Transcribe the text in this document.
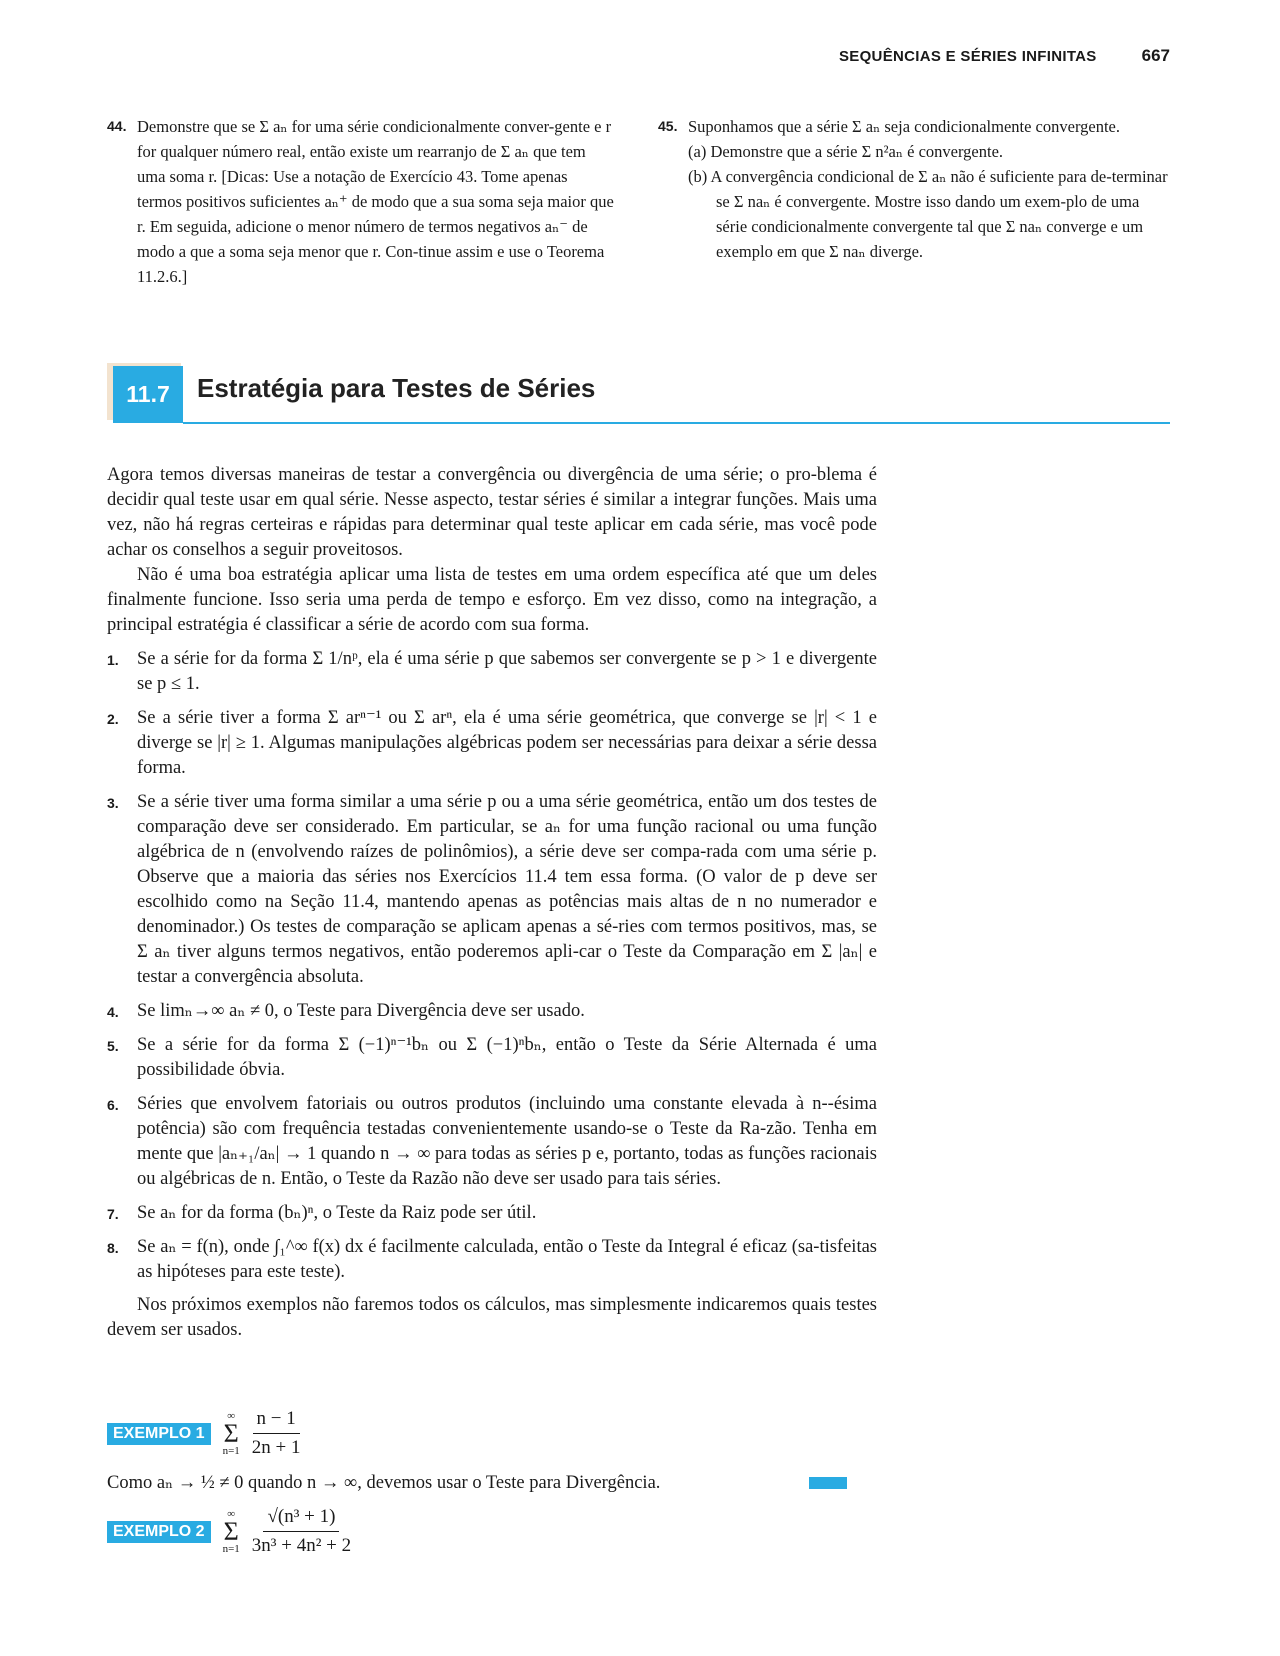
SEQUÊNCIAS E SÉRIES INFINITAS	667
44. Demonstre que se Σ aₙ for uma série condicionalmente conver-gente e r for qualquer número real, então existe um rearranjo de Σ aₙ que tem uma soma r. [Dicas: Use a notação de Exercício 43. Tome apenas termos positivos suficientes aₙ⁺ de modo que a sua soma seja maior que r. Em seguida, adicione o menor número de termos negativos aₙ⁻ de modo a que a soma seja menor que r. Con-tinue assim e use o Teorema 11.2.6.]
45. Suponhamos que a série Σ aₙ seja condicionalmente convergente.
(a) Demonstre que a série Σ n²aₙ é convergente.
(b) A convergência condicional de Σ aₙ não é suficiente para de-terminar se Σ naₙ é convergente. Mostre isso dando um exem-plo de uma série condicionalmente convergente tal que Σ naₙ converge e um exemplo em que Σ naₙ diverge.
11.7	Estratégia para Testes de Séries

Agora temos diversas maneiras de testar a convergência ou divergência de uma série; o pro-blema é decidir qual teste usar em qual série. Nesse aspecto, testar séries é similar a integrar funções. Mais uma vez, não há regras certeiras e rápidas para determinar qual teste aplicar em cada série, mas você pode achar os conselhos a seguir proveitosos.

Não é uma boa estratégia aplicar uma lista de testes em uma ordem específica até que um deles finalmente funcione. Isso seria uma perda de tempo e esforço. Em vez disso, como na integração, a principal estratégia é classificar a série de acordo com sua forma.

1. Se a série for da forma Σ 1/nᵖ, ela é uma série p que sabemos ser convergente se p > 1 e divergente se p ≤ 1.
2. Se a série tiver a forma Σ arⁿ⁻¹ ou Σ arⁿ, ela é uma série geométrica, que converge se |r| < 1 e diverge se |r| ≥ 1. Algumas manipulações algébricas podem ser necessárias para deixar a série dessa forma.
3. Se a série tiver uma forma similar a uma série p ou a uma série geométrica, então um dos testes de comparação deve ser considerado. Em particular, se aₙ for uma função racional ou uma função algébrica de n (envolvendo raízes de polinômios), a série deve ser compa-rada com uma série p. Observe que a maioria das séries nos Exercícios 11.4 tem essa forma. (O valor de p deve ser escolhido como na Seção 11.4, mantendo apenas as potências mais altas de n no numerador e denominador.) Os testes de comparação se aplicam apenas a sé-ries com termos positivos, mas, se Σ aₙ tiver alguns termos negativos, então poderemos apli-car o Teste da Comparação em Σ |aₙ| e testar a convergência absoluta.
4. Se limₙ→∞ aₙ ≠ 0, o Teste para Divergência deve ser usado.
5. Se a série for da forma Σ (−1)ⁿ⁻¹bₙ ou Σ (−1)ⁿbₙ, então o Teste da Série Alternada é uma possibilidade óbvia.
6. Séries que envolvem fatoriais ou outros produtos (incluindo uma constante elevada à n--ésima potência) são com frequência testadas convenientemente usando-se o Teste da Ra-zão. Tenha em mente que |aₙ₊₁/aₙ| → 1 quando n → ∞ para todas as séries p e, portanto, todas as funções racionais ou algébricas de n. Então, o Teste da Razão não deve ser usado para tais séries.
7. Se aₙ for da forma (bₙ)ⁿ, o Teste da Raiz pode ser útil.
8. Se aₙ = f(n), onde ∫₁^∞ f(x) dx é facilmente calculada, então o Teste da Integral é eficaz (sa-tisfeitas as hipóteses para este teste).

Nos próximos exemplos não faremos todos os cálculos, mas simplesmente indicaremos quais testes devem ser usados.

EXEMPLO 1
∞
Σ
$n=1 \frac{n - 1}{2n + 1}$
Como aₙ → ½ ≠ 0 quando n → ∞, devemos usar o Teste para Divergência.
EXEMPLO 2
∞
Σ
$n=1 \frac{\text{√(n³ + 1)}}{\text{3n³ + 4n² + 2}}$
